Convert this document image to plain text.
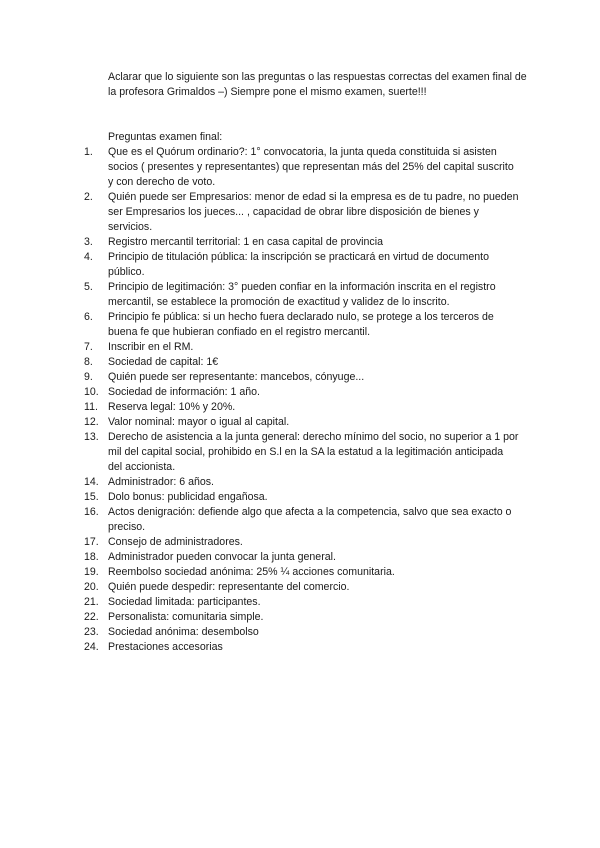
Aclarar que lo siguiente son las preguntas o las respuestas correctas del examen final de la profesora Grimaldos –) Siempre pone el mismo examen, suerte!!!

Preguntas examen final:

1.	Que es el Quórum ordinario?: 1° convocatoria, la junta queda constituida si asisten socios ( presentes y representantes) que representan más del 25% del capital suscrito y con derecho de voto.
2.	Quién puede ser Empresarios: menor de edad si la empresa es de tu padre, no pueden ser Empresarios los jueces... , capacidad de obrar libre disposición de bienes y servicios.
3.	Registro mercantil territorial: 1 en casa capital de provincia
4.	Principio de titulación pública: la inscripción se practicará en virtud de documento público.
5.	Principio de legitimación: 3° pueden confiar en la información inscrita en el registro mercantil, se establece la promoción de exactitud y validez de lo inscrito.
6.	Principio fe pública: si un hecho fuera declarado nulo, se protege a los terceros de buena fe que hubieran confiado en el registro mercantil.
7.	Inscribir en el RM.
8.	Sociedad de capital: 1€
9.	Quién puede ser representante: mancebos, cónyuge...
10. Sociedad de información: 1 año.
11. Reserva legal: 10% y 20%.
12. Valor nominal: mayor o igual al capital.
13. Derecho de asistencia a la junta general: derecho mínimo del socio, no superior a 1 por mil del capital social, prohibido en S.l en la SA la estatud a la legitimación anticipada del accionista.
14. Administrador: 6 años.
15. Dolo bonus: publicidad engañosa.
16. Actos denigración: defiende algo que afecta a la competencia, salvo que sea exacto o preciso.
17. Consejo de administradores.
18. Administrador pueden convocar la junta general.
19. Reembolso sociedad anónima: 25% ¼ acciones comunitaria.
20. Quién puede despedir: representante del comercio.
21. Sociedad limitada: participantes.
22. Personalista: comunitaria simple.
23. Sociedad anónima: desembolso
24. Prestaciones accesorias
